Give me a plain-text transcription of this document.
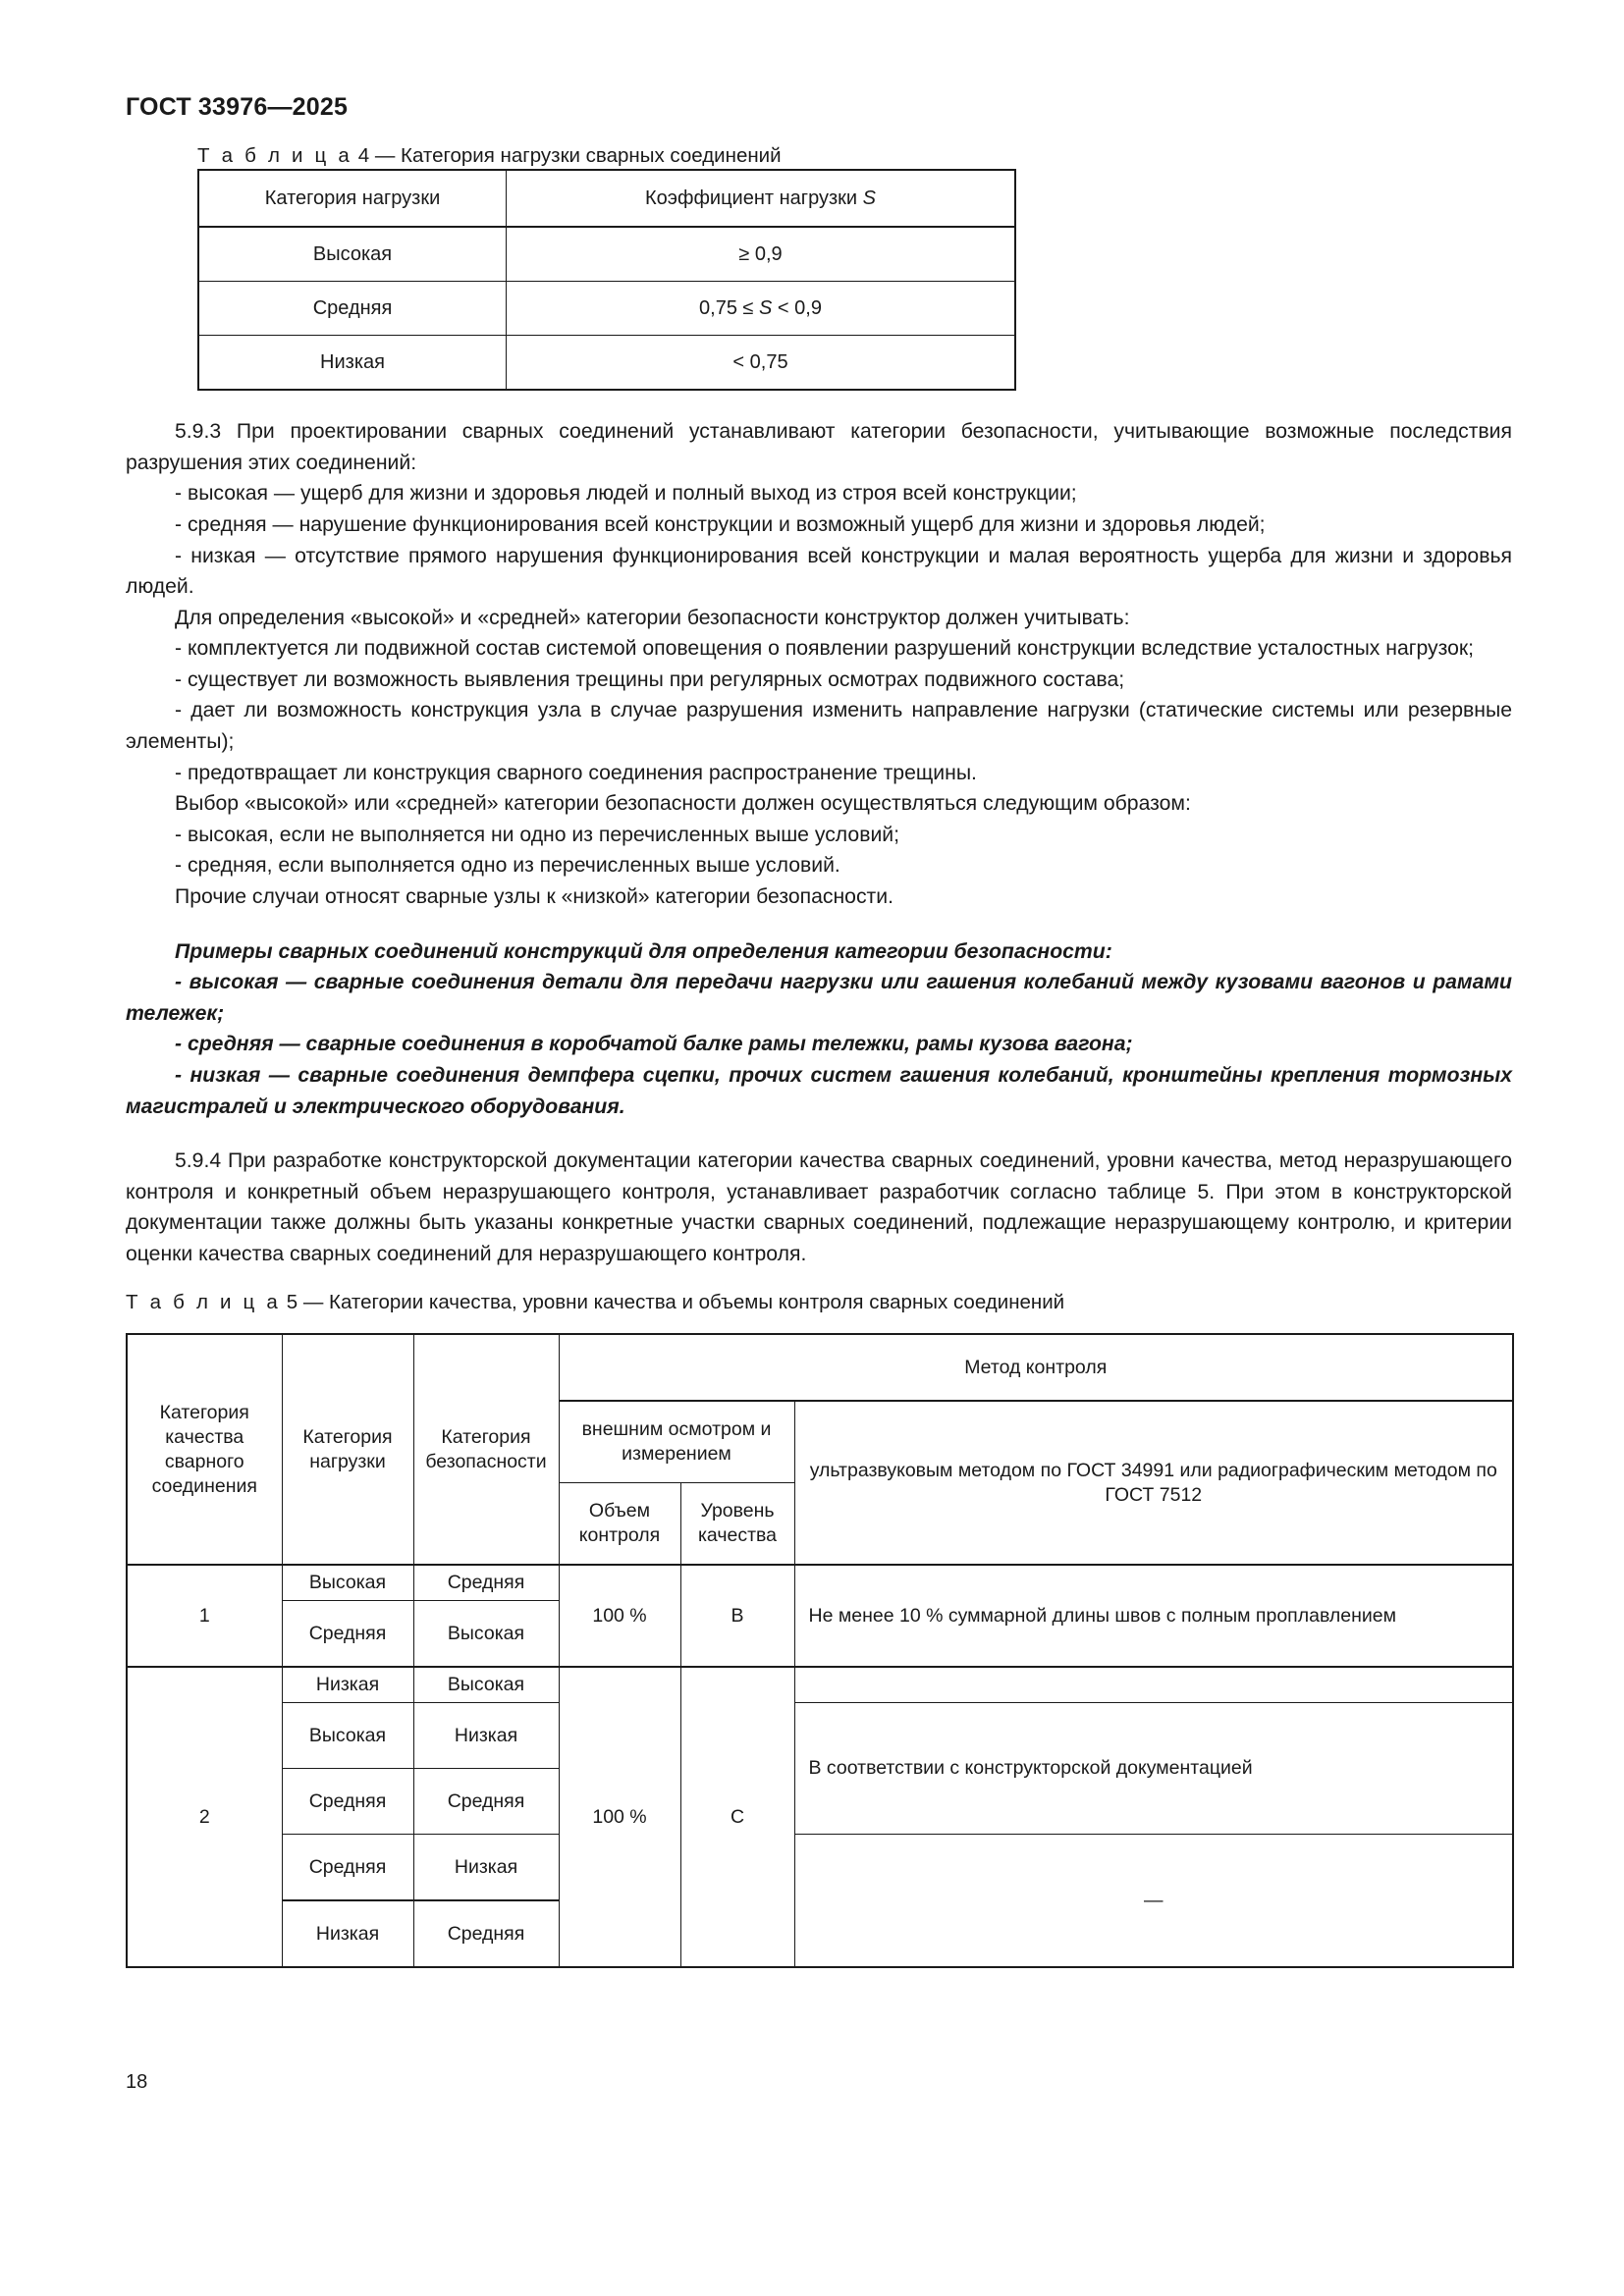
ГОСТ 33976—2025
Т а б л и ц а 4 — Категория нагрузки сварных соединений
Категория нагрузки	Коэффициент нагрузки S
Высокая	≥ 0,9
Средняя	0,75 ≤ S < 0,9
Низкая	< 0,75

5.9.3 При проектировании сварных соединений устанавливают категории безопасности, учитывающие возможные последствия разрушения этих соединений:

- высокая — ущерб для жизни и здоровья людей и полный выход из строя всей конструкции;

- средняя — нарушение функционирования всей конструкции и возможный ущерб для жизни и здоровья людей;

- низкая — отсутствие прямого нарушения функционирования всей конструкции и малая вероятность ущерба для жизни и здоровья людей.

Для определения «высокой» и «средней» категории безопасности конструктор должен учитывать:

- комплектуется ли подвижной состав системой оповещения о появлении разрушений конструкции вследствие усталостных нагрузок;

- существует ли возможность выявления трещины при регулярных осмотрах подвижного состава;

- дает ли возможность конструкция узла в случае разрушения изменить направление нагрузки (статические системы или резервные элементы);

- предотвращает ли конструкция сварного соединения распространение трещины.

Выбор «высокой» или «средней» категории безопасности должен осуществляться следующим образом:

- высокая, если не выполняется ни одно из перечисленных выше условий;

- средняя, если выполняется одно из перечисленных выше условий.

Прочие случаи относят сварные узлы к «низкой» категории безопасности.

Примеры сварных соединений конструкций для определения категории безопасности:

- высокая — сварные соединения детали для передачи нагрузки или гашения колебаний между кузовами вагонов и рамами тележек;

- средняя — сварные соединения в коробчатой балке рамы тележки, рамы кузова вагона;

- низкая — сварные соединения демпфера сцепки, прочих систем гашения колебаний, кронштейны крепления тормозных магистралей и электрического оборудования.

5.9.4 При разработке конструкторской документации категории качества сварных соединений, уровни качества, метод неразрушающего контроля и конкретный объем неразрушающего контроля, устанавливает разработчик согласно таблице 5. При этом в конструкторской документации также должны быть указаны конкретные участки сварных соединений, подлежащие неразрушающему контролю, и критерии оценки качества сварных соединений для неразрушающего контроля.

Т а б л и ц а 5 — Категории качества, уровни качества и объемы контроля сварных соединений
Категория качества сварного соединения	Категория нагрузки	Категория безопасности	Метод контроля		
			внешним осмотром и измерением		ультразвуковым методом по ГОСТ 34991 или радиографическим методом по ГОСТ 7512
			Объем контроля	Уровень качества	
1	Высокая	Средняя	100 %	B	Не менее 10 % суммарной длины швов с полным проплавлением
	Средняя	Высокая			
2	Низкая	Высокая	100 %	C	
	Высокая	Низкая			В соответствии с конструкторской документацией
	Средняя	Средняя			
	Средняя	Низкая			—
	Низкая	Средняя			
18
